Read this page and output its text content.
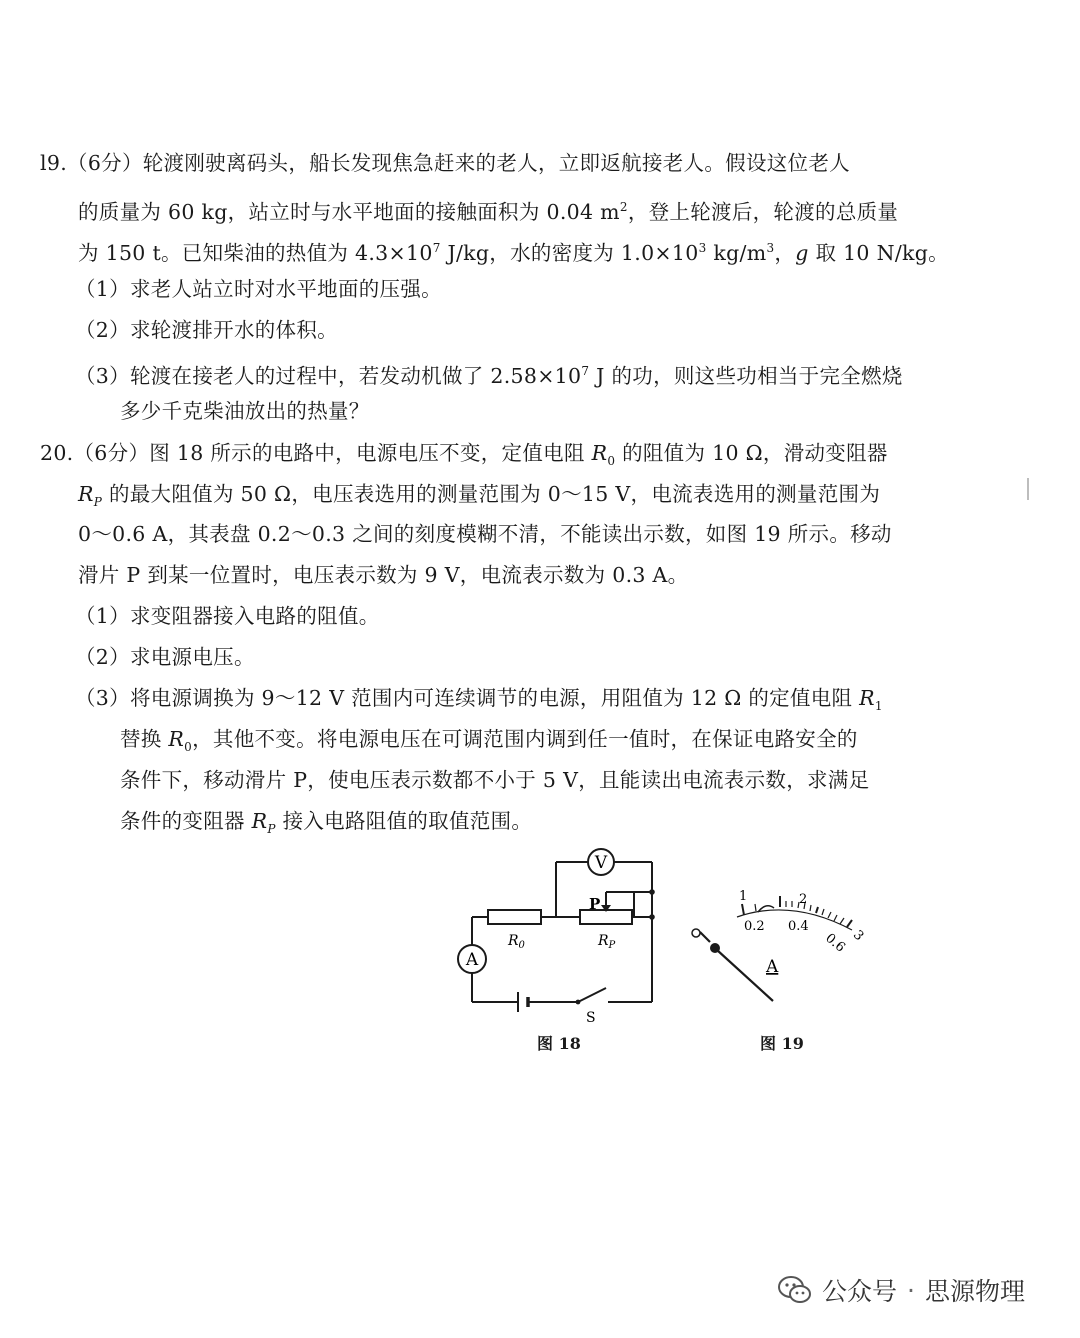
l9.（6分）轮渡刚驶离码头，船长发现焦急赶来的老人，立即返航接老人。假设这位老人
的质量为 60 kg，站立时与水平地面的接触面积为 0.04 $m^2$，登上轮渡后，轮渡的总质量
为 150 t。已知柴油的热值为 $4.3\times 10^7$ J/kg，水的密度为 $1.0\times 10^3$ $kg/m^3$，g 取 10 N/kg。
（1）求老人站立时对水平地面的压强。
（2）求轮渡排开水的体积。
（3）轮渡在接老人的过程中，若发动机做了 $2.58\times 10^7$ J 的功，则这些功相当于完全燃烧
多少千克柴油放出的热量？
20.（6分）图 18 所示的电路中，电源电压不变，定值电阻 $R_0$ 的阻值为 10 Ω，滑动变阻器
$R_P$ 的最大阻值为 50 Ω，电压表选用的测量范围为 0～15 V，电流表选用的测量范围为
0～0.6 A，其表盘 0.2～0.3 之间的刻度模糊不清，不能读出示数，如图 19 所示。移动
滑片 P 到某一位置时，电压表示数为 9 V，电流表示数为 0.3 A。
（1）求变阻器接入电路的阻值。
（2）求电源电压。
（3）将电源调换为 9～12 V 范围内可连续调节的电源，用阻值为 12 Ω 的定值电阻 $R_1$
替换 $R_0$，其他不变。将电源电压在可调范围内调到任一值时，在保证电路安全的
条件下，移动滑片 P，使电压表示数都不小于 5 V，且能读出电流表示数，求满足
条件的变阻器 $R_P$ 接入电路阻值的取值范围。
V
A
P
$R_0$	$R_P$
S
1	2
3
0.2 0.4
0.6
A
图 18	图 19
公众号 · 思源物理
